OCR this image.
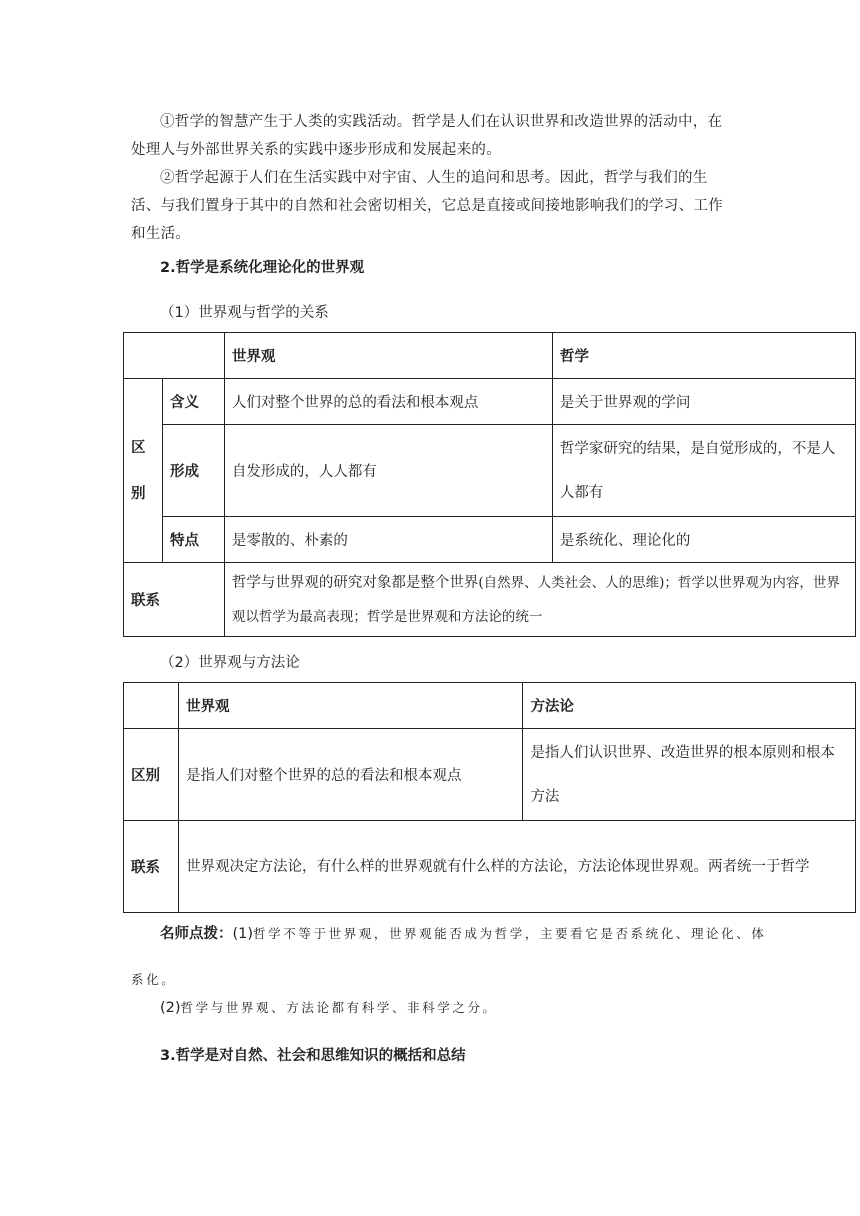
①哲学的智慧产生于人类的实践活动。哲学是人们在认识世界和改造世界的活动中，在处理人与外部世界关系的实践中逐步形成和发展起来的。

②哲学起源于人们在生活实践中对宇宙、人生的追问和思考。因此，哲学与我们的生活、与我们置身于其中的自然和社会密切相关，它总是直接或间接地影响我们的学习、工作和生活。

2.哲学是系统化理论化的世界观

（1）世界观与哲学的关系

		世界观	哲学
区别	含义	人们对整个世界的总的看法和根本观点	是关于世界观的学问
	形成	自发形成的，人人都有	哲学家研究的结果，是自觉形成的，不是人人都有
	特点	是零散的、朴素的	是系统化、理论化的
联系		哲学与世界观的研究对象都是整个世界(自然界、人类社会、人的思维)；哲学以世界观为内容，世界观以哲学为最高表现；哲学是世界观和方法论的统一	

（2）世界观与方法论

	世界观	方法论
区别	是指人们对整个世界的总的看法和根本观点	是指人们认识世界、改造世界的根本原则和根本方法
联系	世界观决定方法论，有什么样的世界观就有什么样的方法论，方法论体现世界观。两者统一于哲学	

名师点拨：(1)哲学不等于世界观，世界观能否成为哲学，主要看它是否系统化、理论化、体系化。

(2)哲学与世界观、方法论都有科学、非科学之分。

3.哲学是对自然、社会和思维知识的概括和总结
